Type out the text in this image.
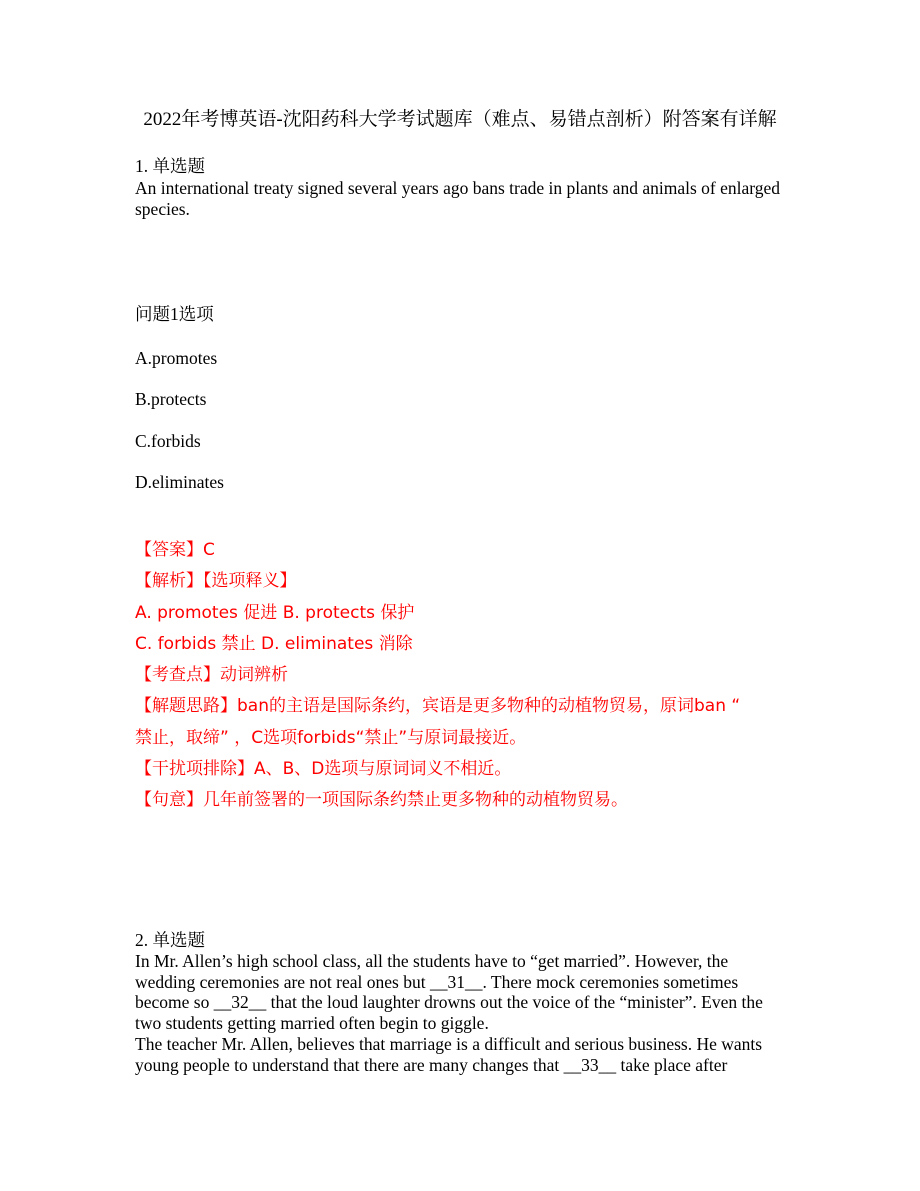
2022年考博英语-沈阳药科大学考试题库（难点、易错点剖析）附答案有详解
1. 单选题
An international treaty signed several years ago bans trade in plants and animals of enlarged species.
问题1选项
A.promotes
B.protects
C.forbids
D.eliminates
【答案】C
【解析】【选项释义】
A. promotes 促进 B. protects 保护
C. forbids 禁止 D. eliminates 消除
【考查点】动词辨析
【解题思路】ban的主语是国际条约，宾语是更多物种的动植物贸易，原词ban “
禁止，取缔” ，C选项forbids“禁止”与原词最接近。
【干扰项排除】A、B、D选项与原词词义不相近。
【句意】几年前签署的一项国际条约禁止更多物种的动植物贸易。
2. 单选题
In Mr. Allen’s high school class, all the students have to “get married”. However, the
wedding ceremonies are not real ones but __31__. There mock ceremonies sometimes
become so __32__ that the loud laughter drowns out the voice of the “minister”. Even the
two students getting married often begin to giggle.
The teacher Mr. Allen, believes that marriage is a difficult and serious business. He wants
young people to understand that there are many changes that __33__ take place after
